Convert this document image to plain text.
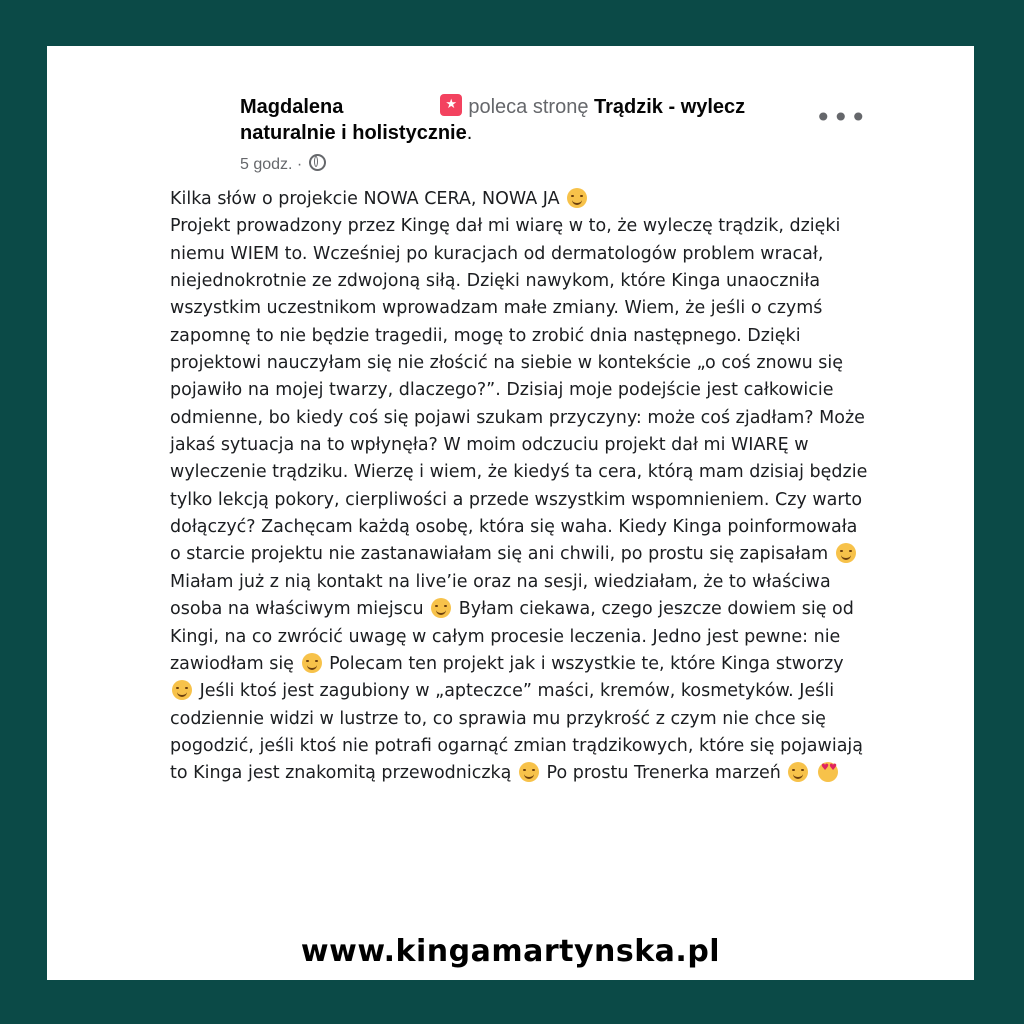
Magdalena★	poleca stronę Trądzik - wylecz
naturalnie i holistycznie.
5 godz. ·
•••

Kilka słów o projekcie NOWA CERA, NOWA JA

Projekt prowadzony przez Kingę dał mi wiarę w to, że wyleczę trądzik, dzięki niemu WIEM to. Wcześniej po kuracjach od dermatologów problem wracał, niejednokrotnie ze zdwojoną siłą. Dzięki nawykom, które Kinga unaoczniła wszystkim uczestnikom wprowadzam małe zmiany. Wiem, że jeśli o czymś zapomnę to nie będzie tragedii, mogę to zrobić dnia następnego. Dzięki projektowi nauczyłam się nie złościć na siebie w kontekście „o coś znowu się pojawiło na mojej twarzy, dlaczego?”. Dzisiaj moje podejście jest całkowicie odmienne, bo kiedy coś się pojawi szukam przyczyny: może coś zjadłam? Może jakaś sytuacja na to wpłynęła? W moim odczuciu projekt dał mi WIARĘ w wyleczenie trądziku. Wierzę i wiem, że kiedyś ta cera, którą mam dzisiaj będzie tylko lekcją pokory, cierpliwości a przede wszystkim wspomnieniem. Czy warto dołączyć? Zachęcam każdą osobę, która się waha. Kiedy Kinga poinformowała o starcie projektu nie zastanawiałam się ani chwili, po prostu się zapisałam  Miałam już z nią kontakt na live’ie oraz na sesji, wiedziałam, że to właściwa osoba na właściwym miejscu  Byłam ciekawa, czego jeszcze dowiem się od Kingi, na co zwrócić uwagę w całym procesie leczenia. Jedno jest pewne: nie zawiodłam się  Polecam ten projekt jak i wszystkie te, które Kinga stworzy  Jeśli ktoś jest zagubiony w „apteczce” maści, kremów, kosmetyków. Jeśli codziennie widzi w lustrze to, co sprawia mu przykrość z czym nie chce się pogodzić, jeśli ktoś nie potrafi ogarnąć zmian trądzikowych, które się pojawiają to Kinga jest znakomitą przewodniczką  Po prostu Trenerka marzeń  ♥ ♥

www.kingamartynska.pl
